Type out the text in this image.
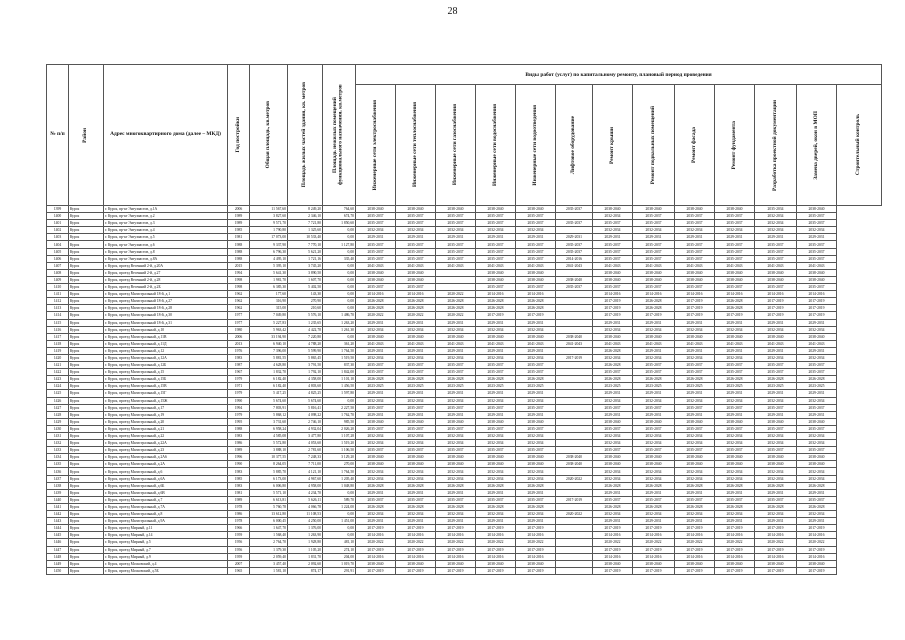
28
№ п/п	Район	Адрес многоквартирного дома (далее – МКД)	Год постройки	Общая площадь, кв.метров	Площадь жилых частей здания, кв. метров	Площадь нежилых помещений функционального назначения, кв.метров	Виды работ (услуг) по капитальному ремонту, плановый период проведения												

							Инженерные сети электроснабжения	Инженерные сети теплоснабжения	Инженерные сети газоснабжения	Инженерные сети водоснабжения	Инженерные сети водоотведения	Лифтовое оборудование	Ремонт крыши	Ремонт подвальных помещений	Ремонт фасада	Ремонт фундамента	Разработка проектной документации	Замена дверей, окон в МОП	Строительный контроль

1399	Курск	г. Курск, пр-кт Энтузиастов, д.1А	2006	11 567,60	8 249,20	764,60	2038-2040	2038-2040	2038-2040	2038-2040	2038-2040	2035-2037	2038-2040	2038-2040	2038-2040	2038-2040	2035-2034	2038-2040	
1400	Курск	г. Курск, пр-кт Энтузиастов, д.2	1989	3 827,60	2 346,10	674,70	2035-2037	2035-2037	2035-2037	2035-2037	2035-2037		2032-2034	2035-2037	2035-2037	2035-2037	2032-2034	2035-2037	
1401	Курск	г. Курск, пр-кт Энтузиастов, д.3	1989	9 571,70	7 721,80	1 850,60	2035-2037	2035-2037	2035-2037	2035-2037	2035-2037	2035-2037	2035-2037	2035-2037	2035-2037	2035-2037	2032-2034	2035-2037	
1402	Курск	г. Курск, пр-кт Энтузиастов, д.4	1985	1 790,80	1 325,60	0,00	2032-2034	2032-2034	2032-2034	2032-2034	2032-2034		2032-2034	2032-2034	2032-2034	2032-2034	2032-2034	2032-2034	
1403	Курск	г. Курск, пр-кт Энтузиастов, д.5	1981	17 073,00	10 533,40	0,00	2029-2031	2029-2031	2029-2031	2029-2031	2029-2031	2029-2031	2029-2031	2029-2031	2029-2031	2029-2031	2029-2031	2029-2031	
1404	Курск	г. Курск, пр-кт Энтузиастов, д.6	1988	9 337,90	7 770,10	1 127,80	2035-2037	2035-2037	2035-2037	2035-2037	2035-2037	2035-2037	2035-2037	2035-2037	2035-2037	2035-2037	2035-2037	2035-2037	
1405	Курск	г. Курск, пр-кт Энтузиастов, д.8	1988	6 796,30	5 621,20	0,00	2035-2037	2035-2037	2035-2037	2035-2037	2035-2037	2035-2037	2035-2037	2035-2037	2035-2037	2035-2037	2035-2037	2035-2037	
1406	Курск	г. Курск, пр-кт Энтузиастов, д.8А	1988	4 495,10	1 721,16	335,40	2035-2037	2035-2037	2035-2037	2035-2037	2035-2037	2014-2016	2035-2037	2035-2037	2035-2037	2035-2037	2035-2037	2035-2037	
1407	Курск	г. Курск, проезд Весенний 2-й, д.20А	2015	5 395,10	3 745,20	0,00	2041-2043	2041-2043	2041-2043	2041-2043	2041-2043	2041-2043	2041-2043	2041-2043	2041-2043	2041-2043	2041-2043	2041-2043	
1408	Курск	г. Курск, проезд Весенний 2-й, д.27	1994	5 641,30	3 890,50	0,00	2038-2040	2038-2040		2038-2040	2038-2040		2038-2040	2038-2040	2038-2040	2038-2040	2038-2040	2038-2040	
1409	Курск	г. Курск, проезд Весенний 2-й, д.28	1998	1 981,70	1 607,70	0,00	2038-2040	2038-2040		2038-2040	2038-2040	2038-2040	2038-2040	2038-2040	2038-2040	2038-2040	2038-2040	2038-2040	
1410	Курск	г. Курск, проезд Весенний 2-й, д.2Б	1998	6 385,30	5 402,50	0,00	2035-2037	2035-2037		2035-2037	2035-2037	2035-2037	2035-2037	2035-2037	2035-2037	2035-2037	2035-2037	2035-2037	
1411	Курск	г. Курск, проезд Магистральный 18-й, д.1	1962	177,60	143,30	0,00	2014-2016	2014-2016	2020-2022	2014-2016	2014-2016		2014-2016	2014-2016	2014-2016	2014-2016	2014-2016	2014-2016	
1412	Курск	г. Курск, проезд Магистральный 18-й, д.27	1962	316,90	270,90	0,00	2026-2028	2026-2028	2026-2028	2026-2028	2026-2028		2017-2019	2026-2028	2017-2019	2026-2028	2017-2019	2017-2019	
1413	Курск	г. Курск, проезд Магистральный 18-й, д.28	1962	315,00	210,60	0,00	2026-2028	2026-2028	2026-2028	2026-2028	2026-2028		2017-2019	2026-2028	2017-2019	2026-2028	2017-2019	2017-2019	
1414	Курск	г. Курск, проезд Магистральный 18-й, д.30	1977	7 049,80	5 576,10	1 486,70	2020-2022	2020-2022	2020-2022	2017-2019	2017-2019		2017-2019	2017-2019	2017-2019	2017-2019	2017-2019	2017-2019	
1415	Курск	г. Курск, проезд Магистральный 18-й, д.31	1977	5 227,83	1 235,65	1 263,20	2029-2031	2029-2031	2029-2031	2029-2031	2029-2031		2029-2031	2029-2031	2029-2031	2029-2031	2029-2031	2029-2031	
1416	Курск	г. Курск, проезд Магистральный, д.10	1980	5 963,42	4 422,78	1 261,30	2032-2034	2032-2034	2032-2034	2032-2034	2032-2034		2032-2034	2032-2034	2032-2034	2032-2034	2032-2034	2032-2034	
1417	Курск	г. Курск, проезд Магистральный, д.11В	2006	33 194,90	7 220,80	0,00	2038-2040	2038-2040	2038-2040	2038-2040	2038-2040	2038-2040	2038-2040	2038-2040	2038-2040	2038-2040	2038-2040	2038-2040	
1418	Курск	г. Курск, проезд Магистральный, д.11Д	2013	6 940,10	4 788,20	361,20	2041-2043	2041-2043	2041-2043	2041-2043	2041-2043	2041-2043	2041-2043	2041-2043	2041-2043	2041-2043	2041-2043	2041-2043	
1419	Курск	г. Курск, проезд Магистральный, д.12	1976	7 396,00	5 599,90	1 764,50	2029-2031	2029-2031	2029-2031	2029-2031	2029-2031		2026-2028	2029-2031	2029-2031	2029-2031	2029-2031	2029-2031	
1420	Курск	г. Курск, проезд Магистральный, д.12А	1983	5 881,55	5 865,45	1 519,50	2032-2034	2032-2034	2032-2034	2032-2034	2032-2034	2017-2019	2032-2034	2032-2034	2032-2034	2032-2034	2032-2034	2032-2034	
1421	Курск	г. Курск, проезд Магистральный, д.12Б	1987	4 628,80	3 791,50	837,30	2035-2037	2035-2037	2035-2037	2035-2037	2035-2037		2026-2028	2035-2037	2035-2037	2035-2037	2035-2037	2035-2037	
1422	Курск	г. Курск, проезд Магистральный, д.15	1967	1 832,70	1 792,10	1 842,00	2035-2037	2035-2037	2035-2037	2035-2037	2035-2037		2035-2037	2035-2037	2035-2037	2035-2037	2035-2037	2035-2037	
1423	Курск	г. Курск, проезд Магистральный, д.15Б	1979	6 182,40	4 358,00	1 101,10	2026-2028	2026-2028	2026-2028	2026-2028	2026-2028		2026-2028	2026-2028	2026-2028	2026-2028	2026-2028	2026-2028	
1424	Курск	г. Курск, проезд Магистральный, д.15В	1971	6 182,40	4 803,60	1 456,50	2023-2025	2023-2025	2023-2025	2023-2025	2023-2025		2023-2025	2023-2025	2023-2025	2023-2025	2023-2025	2023-2025	
1425	Курск	г. Курск, проезд Магистральный, д.15Г	1979	5 417,25	4 825,25	1 597,80	2029-2031	2029-2031	2029-2031	2029-2031	2029-2031		2029-2031	2029-2031	2029-2031	2029-2031	2029-2031	2029-2031	
1426	Курск	г. Курск, проезд Магистральный, д.15Ж	1990	5 674,60	5 674,60	0,00	2032-2034	2032-2034	2032-2034	2032-2034	2032-2034		2032-2034	2032-2034	2032-2034	2032-2034	2032-2034	2032-2034	
1427	Курск	г. Курск, проезд Магистральный, д.17	1994	7 803,91	5 816,41	2 227,50	2035-2037	2035-2037	2035-2037	2035-2037	2035-2037		2035-2037	2035-2037	2035-2037	2035-2037	2035-2037	2035-2037	
1428	Курск	г. Курск, проезд Магистральный, д.19	1979	5 868,12	4 098,22	1 762,70	2029-2031	2029-2031	2029-2031	2029-2031	2029-2031		2029-2031	2029-2031	2029-2031	2029-2031	2029-2031	2029-2031	
1429	Курск	г. Курск, проезд Магистральный, д.20	1995	3 731,60	2 746,10	985,50	2038-2040	2038-2040	2038-2040	2038-2040	2038-2040		2038-2040	2038-2040	2038-2040	2038-2040	2038-2040	2038-2040	
1430	Курск	г. Курск, проезд Магистральный, д.21	1988	6 958,24	4 932,04	2 026,20	2035-2037	2035-2037	2035-2037	2035-2037	2035-2037		2035-2037	2035-2037	2035-2037	2035-2037	2035-2037	2035-2037	
1431	Курск	г. Курск, проезд Магистральный, д.22	1983	4 585,08	3 477,80	1 107,28	2032-2034	2032-2034	2032-2034	2032-2034	2032-2034		2032-2034	2032-2034	2032-2034	2032-2034	2032-2034	2032-2034	
1432	Курск	г. Курск, проезд Магистральный, д.22А	1986	5 572,80	4 053,60	1 519,20	2032-2034	2032-2034	2032-2034	2032-2034	2032-2034		2032-2034	2032-2034	2032-2034	2032-2034	2032-2034	2032-2034	
1433	Курск	г. Курск, проезд Магистральный, д.23	1989	3 888,10	2 781,60	1 106,50	2035-2037	2035-2037	2035-2037	2035-2037	2035-2037		2035-2037	2035-2037	2035-2037	2035-2037	2035-2037	2035-2037	
1434	Курск	г. Курск, проезд Магистральный, д.2А6	1996	10 377,55	7 248,33	3 129,20	2038-2040	2038-2040	2038-2040	2038-2040	2038-2040	2038-2040	2038-2040	2038-2040	2038-2040	2038-2040	2038-2040	2038-2040	
1435	Курск	г. Курск, проезд Магистральный, д.2А	1990	8 264,05	7 711,00	270,00	2038-2040	2038-2040	2038-2040	2038-2040	2038-2040	2038-2040	2038-2040	2038-2040	2038-2040	2038-2040	2038-2040	2038-2040	
1436	Курск	г. Курск, проезд Магистральный, д.6	1983	5 885,70	4 121,10	1 764,50	2032-2034	2032-2034	2032-2034	2032-2034	2032-2034		2032-2034	2032-2034	2032-2034	2032-2034	2032-2034	2032-2034	
1437	Курск	г. Курск, проезд Магистральный, д.6А	1985	6 173,00	4 967,60	1 205,40	2032-2034	2032-2034	2032-2034	2032-2034	2032-2034	2020-2022	2032-2034	2032-2034	2032-2034	2032-2034	2032-2034	2032-2034	
1438	Курск	г. Курск, проезд Магистральный, д.6Б	1983	6 006,80	4 958,00	1 048,80	2026-2028	2026-2028	2026-2028	2026-2028	2026-2028		2026-2028	2026-2028	2026-2028	2026-2028	2026-2028	2026-2028	
1439	Курск	г. Курск, проезд Магистральный, д.6В	1981	5 571,10	4 234,70	0,00	2029-2031	2029-2031	2029-2031	2029-2031	2029-2031		2029-2031	2029-2031	2029-2031	2029-2031	2029-2031	2029-2031	
1440	Курск	г. Курск, проезд Магистральный, д.7	1989	6 613,81	5 626,11	589,70	2035-2037	2035-2037	2035-2037	2035-2037	2035-2037	2017-2019	2035-2037	2035-2037	2035-2037	2035-2037	2035-2037	2035-2037	
1441	Курск	г. Курск, проезд Магистральный, д.7А	1978	5 760,78	4 066,78	1 224,00	2026-2028	2026-2028	2026-2028	2026-2028	2026-2028		2026-2028	2026-2028	2026-2028	2026-2028	2026-2028	2026-2028	
1442	Курск	г. Курск, проезд Магистральный, д.8	1986	13 612,80	11 108,53	0,00	2032-2034	2032-2034	2032-2034	2032-2034	2032-2034	2020-2022	2032-2034	2032-2034	2032-2034	2032-2034	2032-2034	2032-2034	
1443	Курск	г. Курск, проезд Магистральный, д.9А	1978	6 000,45	4 250,00	1 451,00	2029-2031	2029-2031	2029-2031	2029-2031	2029-2031		2029-2031	2029-2031	2029-2031	2029-2031	2029-2031	2029-2031	
1444	Курск	г. Курск, проезд Мирный, д.11	1966	1 647,70	1 376,00	0,00	2017-2019	2017-2019	2017-2019	2017-2019	2017-2019		2017-2019	2017-2019	2017-2019	2017-2019	2017-2019	2017-2019	
1445	Курск	г. Курск, проезд Мирный, д.14	1959	1 568,40	1 263,90	0,00	2014-2016	2014-2016	2014-2016	2014-2016	2014-2016		2014-2016	2014-2016	2014-2016	2014-2016	2014-2016	2014-2016	
1446	Курск	г. Курск, проезд Мирный, д.5	1956	2 764,70	1 928,80	481,10	2020-2022	2020-2022	2020-2022	2020-2022	2020-2022		2020-2022	2020-2022	2020-2022	2020-2022	2020-2022	2020-2022	
1447	Курск	г. Курск, проезд Мирный, д.7	1956	1 379,30	1 105,20	274,10	2017-2019	2017-2019	2017-2019	2017-2019	2017-2019		2017-2019	2017-2019	2017-2019	2017-2019	2017-2019	2017-2019	
1448	Курск	г. Курск, проезд Мирный, д.9	1959	2 059,40	1 831,70	204,00	2014-2016	2014-2016	2014-2016	2014-2016	2014-2016		2014-2016	2014-2016	2014-2016	2014-2016	2014-2016	2014-2016	
1449	Курск	г. Курск, проезд Московский, д.4	2007	3 457,40	2 092,60	1 019,70	2038-2040	2038-2040	2038-2040	2038-2040	2038-2040		2038-2040	2038-2040	2038-2040	2038-2040	2038-2040	2038-2040	
1450	Курск	г. Курск, проезд Московский, д.5Б	1965	1 581,10	874,17	291,91	2017-2019	2017-2019	2017-2019	2017-2019	2017-2019		2017-2019	2017-2019	2017-2019	2017-2019	2017-2019	2017-2019	
